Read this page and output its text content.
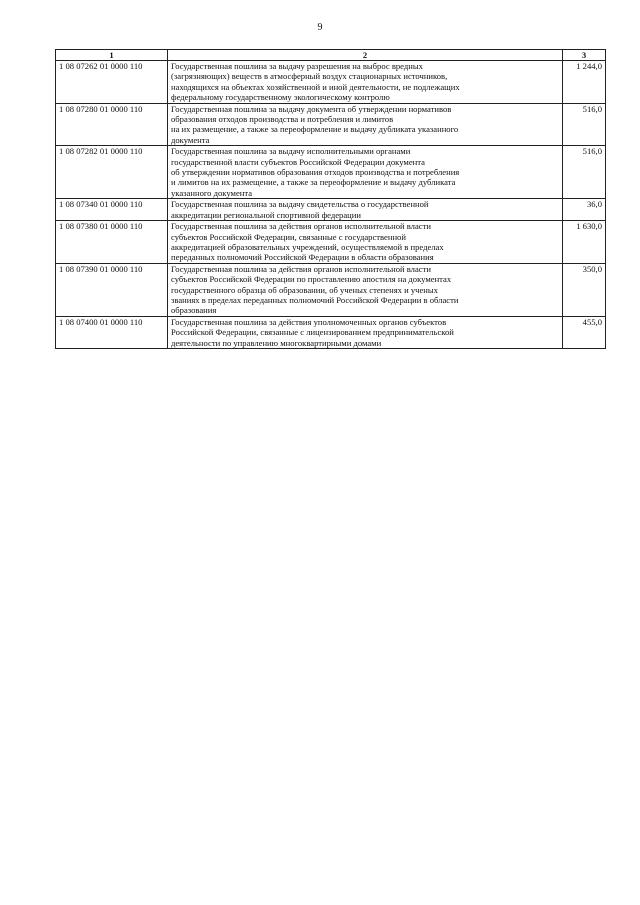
9
1	2	3
1 08 07262 01 0000 110	Государственная пошлина за выдачу разрешения на выброс вредных
(загрязняющих) веществ в атмосферный воздух стационарных источников,
находящихся на объектах хозяйственной и иной деятельности, не подлежащих
федеральному государственному экологическому контролю	1 244,0
1 08 07280 01 0000 110	Государственная пошлина за выдачу документа об утверждении нормативов
образования отходов производства и потребления и лимитов
на их размещение, а также за переоформление и выдачу дубликата указанного
документа	516,0
1 08 07282 01 0000 110	Государственная пошлина за выдачу исполнительными органами
государственной власти субъектов Российской Федерации документа
об утверждении нормативов образования отходов производства и потребления
и лимитов на их размещение, а также за переоформление и выдачу дубликата
указанного документа	516,0
1 08 07340 01 0000 110	Государственная пошлина за выдачу свидетельства о государственной
аккредитации региональной спортивной федерации	36,0
1 08 07380 01 0000 110	Государственная пошлина за действия органов исполнительной власти
субъектов Российской Федерации, связанные с государственной
аккредитацией образовательных учреждений, осуществляемой в пределах
переданных полномочий Российской Федерации в области образования	1 630,0
1 08 07390 01 0000 110	Государственная пошлина за действия органов исполнительной власти
субъектов Российской Федерации по проставлению апостиля на документах
государственного образца об образовании, об ученых степенях и ученых
званиях в пределах переданных полномочий Российской Федерации в области
образования	350,0
1 08 07400 01 0000 110	Государственная пошлина за действия уполномоченных органов субъектов
Российской Федерации, связанные с лицензированием предпринимательской
деятельности по управлению многоквартирными домами	455,0
